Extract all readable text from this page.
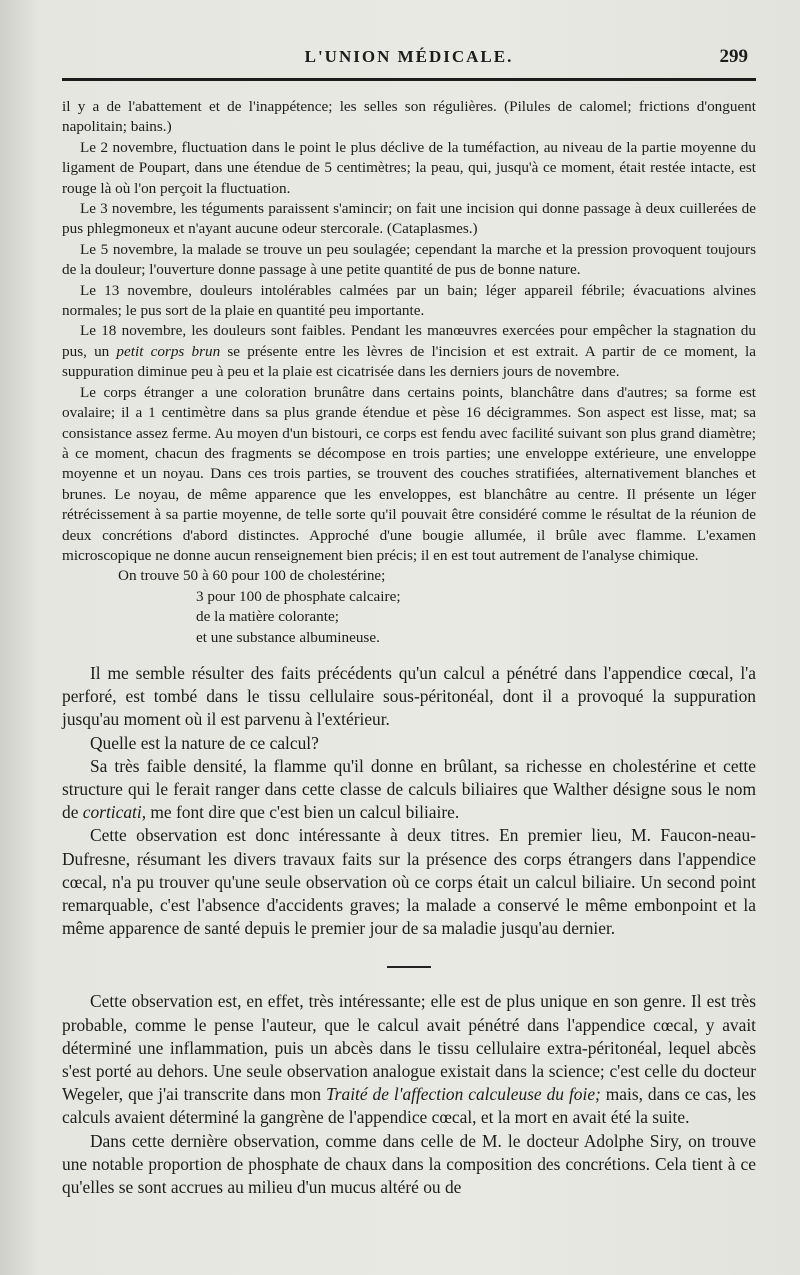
L'UNION MÉDICALE.	299

il y a de l'abattement et de l'inappétence; les selles son régulières. (Pilules de calomel; frictions d'onguent napolitain; bains.)

Le 2 novembre, fluctuation dans le point le plus déclive de la tuméfaction, au niveau de la partie moyenne du ligament de Poupart, dans une étendue de 5 centimètres; la peau, qui, jusqu'à ce moment, était restée intacte, est rouge là où l'on perçoit la fluctuation.

Le 3 novembre, les téguments paraissent s'amincir; on fait une incision qui donne passage à deux cuillerées de pus phlegmoneux et n'ayant aucune odeur stercorale. (Cataplasmes.)

Le 5 novembre, la malade se trouve un peu soulagée; cependant la marche et la pression provoquent toujours de la douleur; l'ouverture donne passage à une petite quantité de pus de bonne nature.

Le 13 novembre, douleurs intolérables calmées par un bain; léger appareil fébrile; évacuations alvines normales; le pus sort de la plaie en quantité peu importante.

Le 18 novembre, les douleurs sont faibles. Pendant les manœuvres exercées pour empêcher la stagnation du pus, un petit corps brun se présente entre les lèvres de l'incision et est extrait. A partir de ce moment, la suppuration diminue peu à peu et la plaie est cicatrisée dans les derniers jours de novembre.

Le corps étranger a une coloration brunâtre dans certains points, blanchâtre dans d'autres; sa forme est ovalaire; il a 1 centimètre dans sa plus grande étendue et pèse 16 décigrammes. Son aspect est lisse, mat; sa consistance assez ferme. Au moyen d'un bistouri, ce corps est fendu avec facilité suivant son plus grand diamètre; à ce moment, chacun des fragments se décompose en trois parties; une enveloppe extérieure, une enveloppe moyenne et un noyau. Dans ces trois parties, se trouvent des couches stratifiées, alternativement blanches et brunes. Le noyau, de même apparence que les enveloppes, est blanchâtre au centre. Il présente un léger rétrécissement à sa partie moyenne, de telle sorte qu'il pouvait être considéré comme le résultat de la réunion de deux concrétions d'abord distinctes. Approché d'une bougie allumée, il brûle avec flamme. L'examen microscopique ne donne aucun renseignement bien précis; il en est tout autrement de l'analyse chimique.

On trouve 50 à 60 pour 100 de cholestérine;
3 pour 100 de phosphate calcaire;
de la matière colorante;
et une substance albumineuse.

Il me semble résulter des faits précédents qu'un calcul a pénétré dans l'appendice cœcal, l'a perforé, est tombé dans le tissu cellulaire sous-péritonéal, dont il a provoqué la suppuration jusqu'au moment où il est parvenu à l'extérieur.

Quelle est la nature de ce calcul?

Sa très faible densité, la flamme qu'il donne en brûlant, sa richesse en cholestérine et cette structure qui le ferait ranger dans cette classe de calculs biliaires que Walther désigne sous le nom de corticati, me font dire que c'est bien un calcul biliaire.

Cette observation est donc intéressante à deux titres. En premier lieu, M. Faucon-neau-Dufresne, résumant les divers travaux faits sur la présence des corps étrangers dans l'appendice cœcal, n'a pu trouver qu'une seule observation où ce corps était un calcul biliaire. Un second point remarquable, c'est l'absence d'accidents graves; la malade a conservé le même embonpoint et la même apparence de santé depuis le premier jour de sa maladie jusqu'au dernier.

Cette observation est, en effet, très intéressante; elle est de plus unique en son genre. Il est très probable, comme le pense l'auteur, que le calcul avait pénétré dans l'appendice cœcal, y avait déterminé une inflammation, puis un abcès dans le tissu cellulaire extra-péritonéal, lequel abcès s'est porté au dehors. Une seule observation analogue existait dans la science; c'est celle du docteur Wegeler, que j'ai transcrite dans mon Traité de l'affection calculeuse du foie; mais, dans ce cas, les calculs avaient déterminé la gangrène de l'appendice cœcal, et la mort en avait été la suite.

Dans cette dernière observation, comme dans celle de M. le docteur Adolphe Siry, on trouve une notable proportion de phosphate de chaux dans la composition des concrétions. Cela tient à ce qu'elles se sont accrues au milieu d'un mucus altéré ou de
